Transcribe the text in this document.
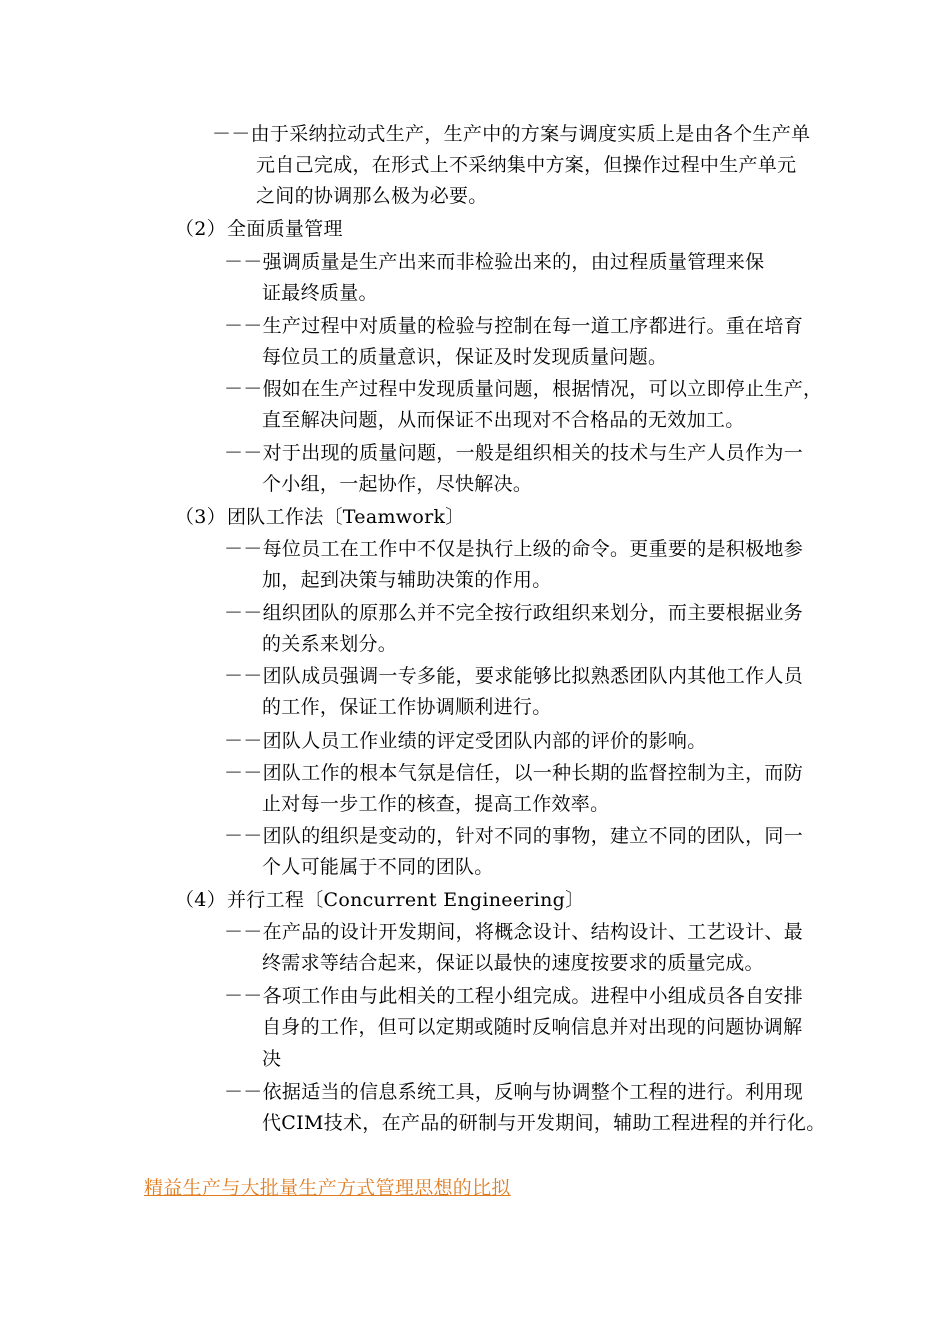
－－由于采纳拉动式生产，生产中的方案与调度实质上是由各个生产单
元自己完成，在形式上不采纳集中方案，但操作过程中生产单元
之间的协调那么极为必要。
（2）全面质量管理
－－强调质量是生产出来而非检验出来的，由过程质量管理来保
证最终质量。
－－生产过程中对质量的检验与控制在每一道工序都进行。重在培育
每位员工的质量意识，保证及时发现质量问题。
－－假如在生产过程中发现质量问题，根据情况，可以立即停止生产，
直至解决问题，从而保证不出现对不合格品的无效加工。
－－对于出现的质量问题，一般是组织相关的技术与生产人员作为一
个小组，一起协作，尽快解决。
（3）团队工作法〔Teamwork〕
－－每位员工在工作中不仅是执行上级的命令。更重要的是积极地参
加，起到决策与辅助决策的作用。
－－组织团队的原那么并不完全按行政组织来划分，而主要根据业务
的关系来划分。
－－团队成员强调一专多能，要求能够比拟熟悉团队内其他工作人员
的工作，保证工作协调顺利进行。
－－团队人员工作业绩的评定受团队内部的评价的影响。
－－团队工作的根本气氛是信任，以一种长期的监督控制为主，而防
止对每一步工作的核查，提高工作效率。
－－团队的组织是变动的，针对不同的事物，建立不同的团队，同一
个人可能属于不同的团队。
（4）并行工程〔Concurrent Engineering〕
－－在产品的设计开发期间，将概念设计、结构设计、工艺设计、最
终需求等结合起来，保证以最快的速度按要求的质量完成。
－－各项工作由与此相关的工程小组完成。进程中小组成员各自安排
自身的工作，但可以定期或随时反响信息并对出现的问题协调解
决
－－依据适当的信息系统工具，反响与协调整个工程的进行。利用现
代CIM技术，在产品的研制与开发期间，辅助工程进程的并行化。
精益生产与大批量生产方式管理思想的比拟
